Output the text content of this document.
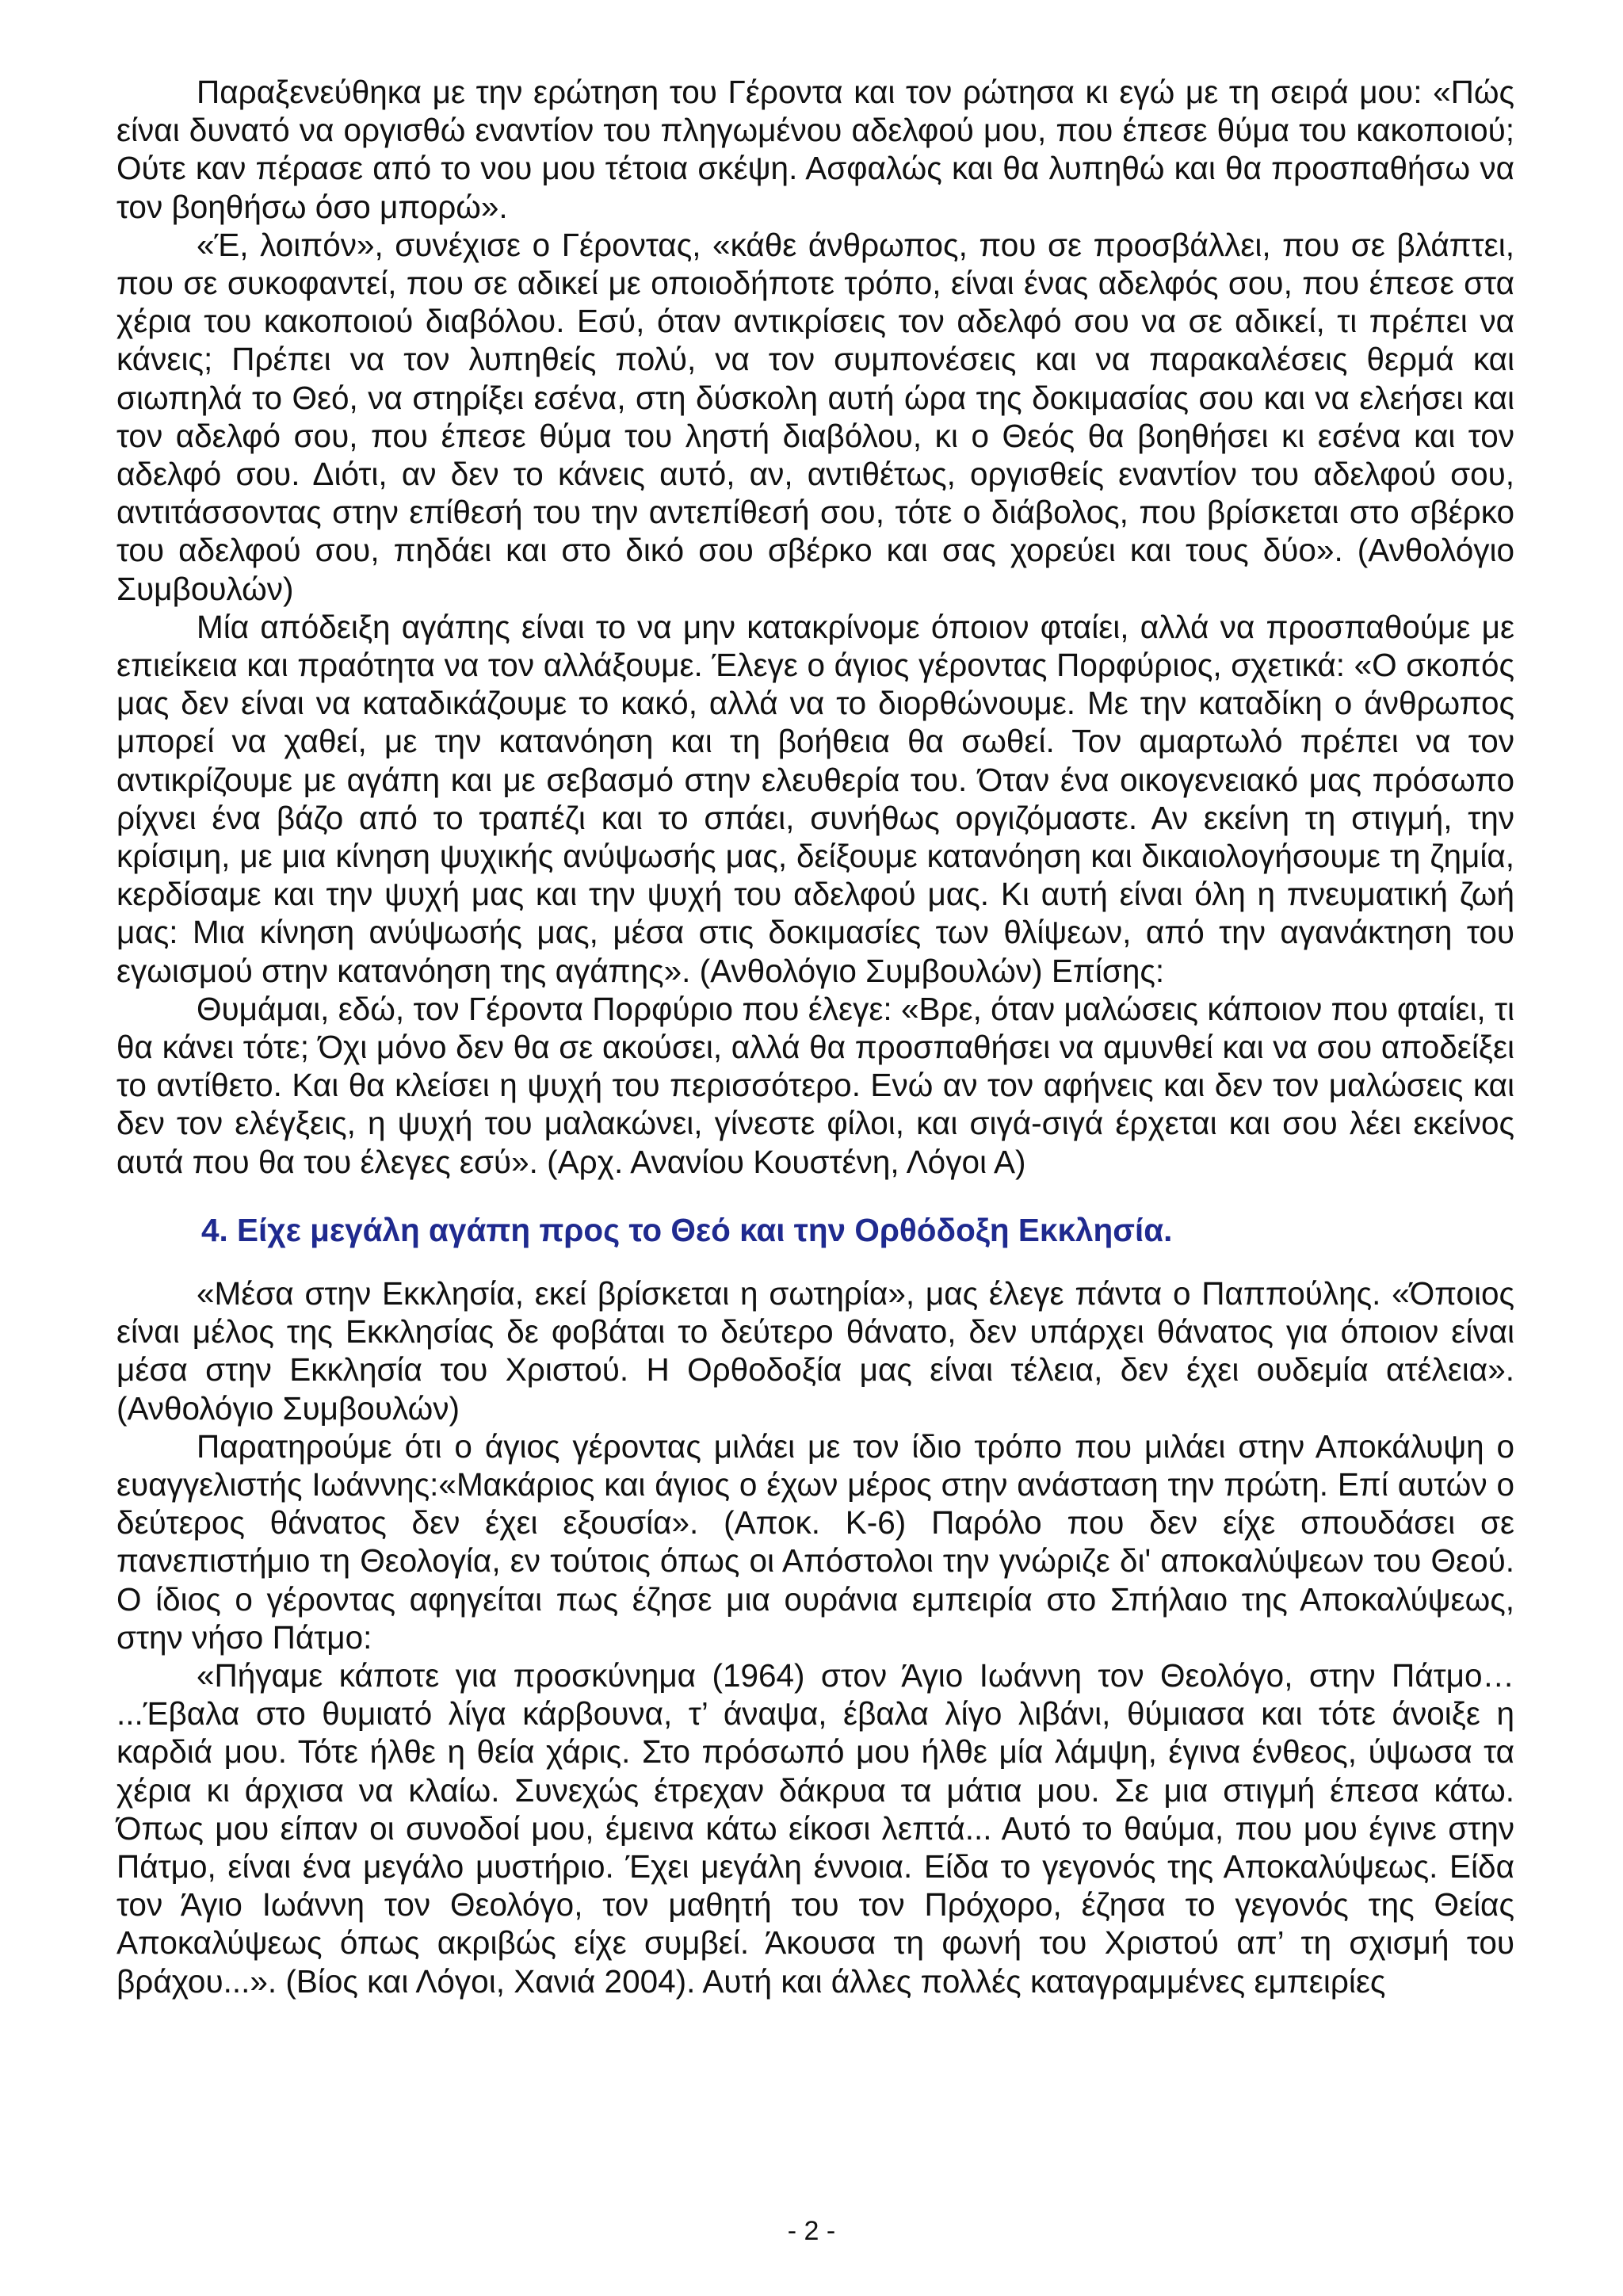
Παραξενεύθηκα με την ερώτηση του Γέροντα και τον ρώτησα κι εγώ με τη σειρά μου: «Πώς είναι δυνατό να οργισθώ εναντίον του πληγωμένου αδελφού μου, που έπεσε θύμα του κακοποιού; Ούτε καν πέρασε από το νου μου τέτοια σκέψη. Ασφαλώς και θα λυπηθώ και θα προσπαθήσω να τον βοηθήσω όσο μπορώ».

«Έ, λοιπόν», συνέχισε ο Γέροντας, «κάθε άνθρωπος, που σε προσβάλλει, που σε βλάπτει, που σε συκοφαντεί, που σε αδικεί με οποιοδήποτε τρόπο, είναι ένας αδελφός σου, που έπεσε στα χέρια του κακοποιού διαβόλου. Εσύ, όταν αντικρίσεις τον αδελφό σου να σε αδικεί, τι πρέπει να κάνεις; Πρέπει να τον λυπηθείς πολύ, να τον συμπονέσεις και να παρακαλέσεις θερμά και σιωπηλά το Θεό, να στηρίξει εσένα, στη δύσκολη αυτή ώρα της δοκιμασίας σου και να ελεήσει και τον αδελφό σου, που έπεσε θύμα του ληστή διαβόλου, κι ο Θεός θα βοηθήσει κι εσένα και τον αδελφό σου. Διότι, αν δεν το κάνεις αυτό, αν, αντιθέτως, οργισθείς εναντίον του αδελφού σου, αντιτάσσοντας στην επίθεσή του την αντεπίθεσή σου, τότε ο διάβολος, που βρίσκεται στο σβέρκο του αδελφού σου, πηδάει και στο δικό σου σβέρκο και σας χορεύει και τους δύο». (Ανθολόγιο Συμβουλών)

Μία απόδειξη αγάπης είναι το να μην κατακρίνομε όποιον φταίει, αλλά να προσπαθούμε με επιείκεια και πραότητα να τον αλλάξουμε. Έλεγε ο άγιος γέροντας Πορφύριος, σχετικά: «Ο σκοπός μας δεν είναι να καταδικάζουμε το κακό, αλλά να το διορθώνουμε. Με την καταδίκη ο άνθρωπος μπορεί να χαθεί, με την κατανόηση και τη βοήθεια θα σωθεί. Τον αμαρτωλό πρέπει να τον αντικρίζουμε με αγάπη και με σεβασμό στην ελευθερία του. Όταν ένα οικογενειακό μας πρόσωπο ρίχνει ένα βάζο από το τραπέζι και το σπάει, συνήθως οργιζόμαστε. Αν εκείνη τη στιγμή, την κρίσιμη, με μια κίνηση ψυχικής ανύψωσής μας, δείξουμε κατανόηση και δικαιολογήσουμε τη ζημία, κερδίσαμε και την ψυχή μας και την ψυχή του αδελφού μας. Κι αυτή είναι όλη η πνευματική ζωή μας: Μια κίνηση ανύψωσής μας, μέσα στις δοκιμασίες των θλίψεων, από την αγανάκτηση του εγωισμού στην κατανόηση της αγάπης». (Ανθολόγιο Συμβουλών) Επίσης:

Θυμάμαι, εδώ, τον Γέροντα Πορφύριο που έλεγε: «Βρε, όταν μαλώσεις κάποιον που φταίει, τι θα κάνει τότε; Όχι μόνο δεν θα σε ακούσει, αλλά θα προσπαθήσει να αμυνθεί και να σου αποδείξει το αντίθετο. Και θα κλείσει η ψυχή του περισσότερο. Ενώ αν τον αφήνεις και δεν τον μαλώσεις και δεν τον ελέγξεις, η ψυχή του μαλακώνει, γίνεστε φίλοι, και σιγά-σιγά έρχεται και σου λέει εκείνος αυτά που θα του έλεγες εσύ». (Αρχ. Ανανίου Κουστένη, Λόγοι Α)

4. Είχε μεγάλη αγάπη προς το Θεό και την Ορθόδοξη Εκκλησία.

«Μέσα στην Εκκλησία, εκεί βρίσκεται η σωτηρία», μας έλεγε πάντα ο Παππούλης. «Όποιος είναι μέλος της Εκκλησίας δε φοβάται το δεύτερο θάνατο, δεν υπάρχει θάνατος για όποιον είναι μέσα στην Εκκλησία του Χριστού. Η Ορθοδοξία μας είναι τέλεια, δεν έχει ουδεμία ατέλεια». (Ανθολόγιο Συμβουλών)

Παρατηρούμε ότι ο άγιος γέροντας μιλάει με τον ίδιο τρόπο που μιλάει στην Αποκάλυψη ο ευαγγελιστής Ιωάννης:«Μακάριος και άγιος ο έχων μέρος στην ανάσταση την πρώτη. Επί αυτών ο δεύτερος θάνατος δεν έχει εξουσία». (Αποκ. Κ-6) Παρόλο που δεν είχε σπουδάσει σε πανεπιστήμιο τη Θεολογία, εν τούτοις όπως οι Απόστολοι την γνώριζε δι' αποκαλύψεων του Θεού. Ο ίδιος ο γέροντας αφηγείται πως έζησε μια ουράνια εμπειρία στο Σπήλαιο της Αποκαλύψεως, στην νήσο Πάτμο:

«Πήγαμε κάποτε για προσκύνημα (1964) στον Άγιο Ιωάννη τον Θεολόγο, στην Πάτμο… ...Έβαλα στο θυμιατό λίγα κάρβουνα, τ’ άναψα, έβαλα λίγο λιβάνι, θύμιασα και τότε άνοιξε η καρδιά μου. Τότε ήλθε η θεία χάρις. Στο πρόσωπό μου ήλθε μία λάμψη, έγινα ένθεος, ύψωσα τα χέρια κι άρχισα να κλαίω. Συνεχώς έτρεχαν δάκρυα τα μάτια μου. Σε μια στιγμή έπεσα κάτω. Όπως μου είπαν οι συνοδοί μου, έμεινα κάτω είκοσι λεπτά... Αυτό το θαύμα, που μου έγινε στην Πάτμο, είναι ένα μεγάλο μυστήριο. Έχει μεγάλη έννοια. Είδα το γεγονός της Αποκαλύψεως. Είδα τον Άγιο Ιωάννη τον Θεολόγο, τον μαθητή του τον Πρόχορο, έζησα το γεγονός της Θείας Αποκαλύψεως όπως ακριβώς είχε συμβεί. Άκουσα τη φωνή του Χριστού απ’ τη σχισμή του βράχου...». (Βίος και Λόγοι, Χανιά 2004). Αυτή και άλλες πολλές καταγραμμένες εμπειρίες

- 2 -
